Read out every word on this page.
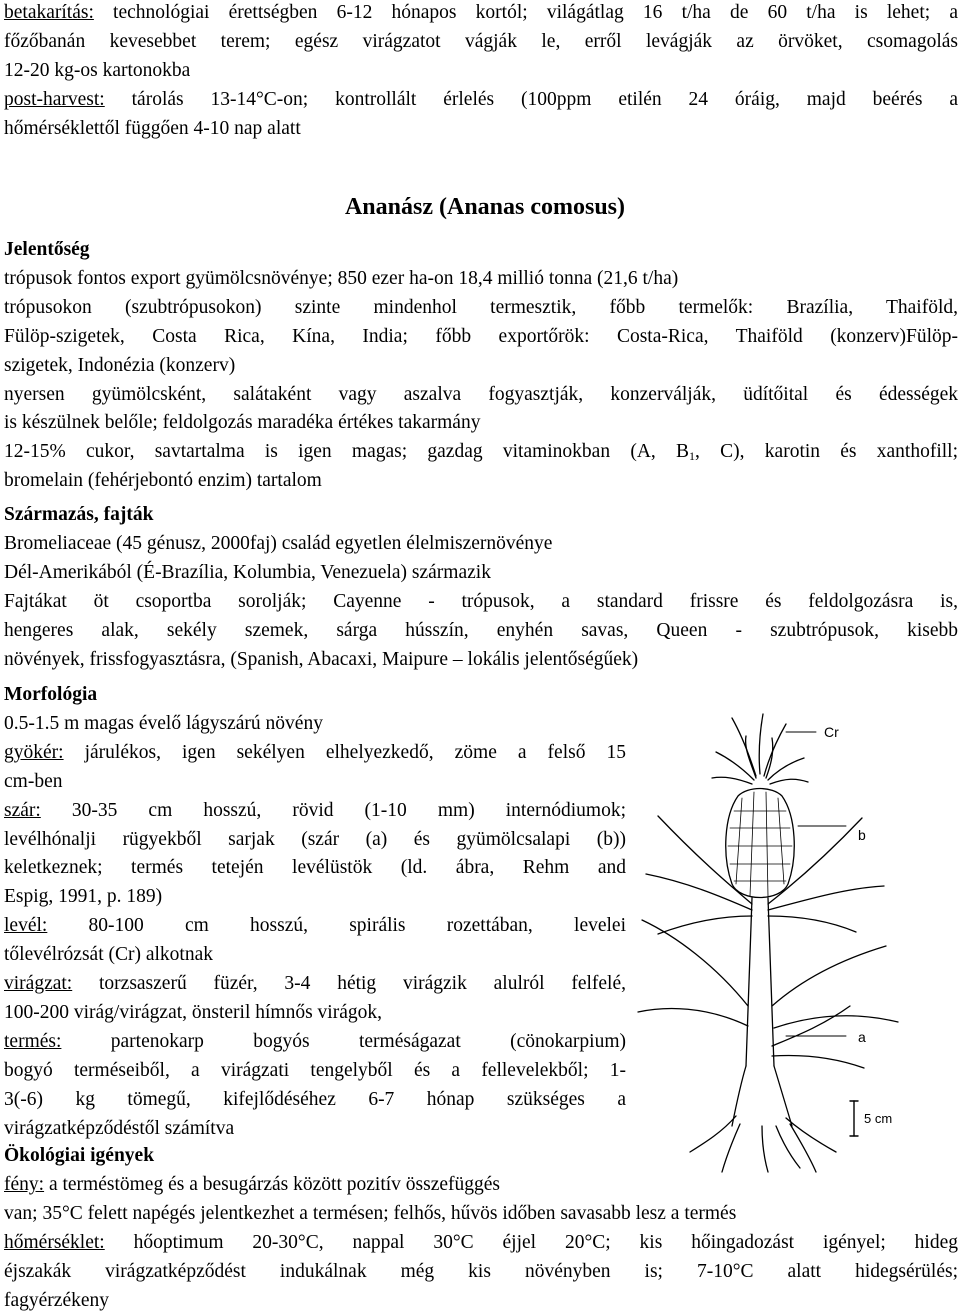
betakarítás: technológiai érettségben 6-12 hónapos kortól; világátlag 16 t/ha de 60 t/ha is lehet; a
főzőbanán kevesebbet terem; egész virágzatot vágják le, erről levágják az örvöket, csomagolás
12-20 kg-os kartonokba
post-harvest: tárolás 13-14°C-on; kontrollált érlelés (100ppm etilén 24 óráig, majd beérés a
hőmérséklettől függően 4-10 nap alatt
Ananász (Ananas comosus)
Jelentőség
trópusok fontos export gyümölcsnövénye; 850 ezer ha-on 18,4 millió tonna (21,6 t/ha)
trópusokon (szubtrópusokon) szinte mindenhol termesztik, főbb termelők: Brazília, Thaiföld,
Fülöp-szigetek, Costa Rica, Kína, India; főbb exportőrök: Costa-Rica, Thaiföld (konzerv)Fülöp-
szigetek, Indonézia (konzerv)
nyersen gyümölcsként, salátaként vagy aszalva fogyasztják, konzerválják, üdítőital és édességek
is készülnek belőle; feldolgozás maradéka értékes takarmány
12-15% cukor, savtartalma is igen magas; gazdag vitaminokban (A, $B_1$, C), karotin és xanthofill;
bromelain (fehérjebontó enzim) tartalom
Származás, fajták
Bromeliaceae (45 génusz, 2000faj) család egyetlen élelmiszernövénye
Dél-Amerikából (É-Brazília, Kolumbia, Venezuela) származik
Fajtákat öt csoportba sorolják; Cayenne - trópusok, a standard frissre és feldolgozásra is,
hengeres alak, sekély szemek, sárga hússzín, enyhén savas, Queen - szubtrópusok, kisebb
növények, frissfogyasztásra, (Spanish, Abacaxi, Maipure – lokális jelentőségűek)
Morfológia
0.5-1.5 m magas évelő lágyszárú növény
gyökér: járulékos, igen sekélyen elhelyezkedő, zöme a felső 15
cm-ben
szár: 30-35 cm hosszú, rövid (1-10 mm) internódiumok;
levélhónalji rügyekből sarjak (szár (a) és gyümölcsalapi (b))
keletkeznek; termés tetején levélüstök (ld. ábra, Rehm and
Espig, 1991, p. 189)
levél: 80-100 cm hosszú, spirális rozettában, levelei
tőlevélrózsát (Cr) alkotnak
virágzat: torzsaszerű füzér, 3-4 hétig virágzik alulról felfelé,
100-200 virág/virágzat, önsteril hímnős virágok,
termés: partenokarp bogyós terméságazat (cönokarpium)
bogyó terméseiből, a virágzati tengelyből és a fellevelekből; 1-
3(-6) kg tömegű, kifejlődéséhez 6-7 hónap szükséges a
virágzatképződéstől számítva
Cr
b
a
5 cm
Ökológiai igények
fény: a terméstömeg és a besugárzás között pozitív összefüggés
van; 35°C felett napégés jelentkezhet a termésen; felhős, hűvös időben savasabb lesz a termés
hőmérséklet: hőoptimum 20-30°C, nappal 30°C éjjel 20°C; kis hőingadozást igényel; hideg
éjszakák virágzatképződést indukálnak még kis növényben is; 7-10°C alatt hidegsérülés;
fagyérzékeny
